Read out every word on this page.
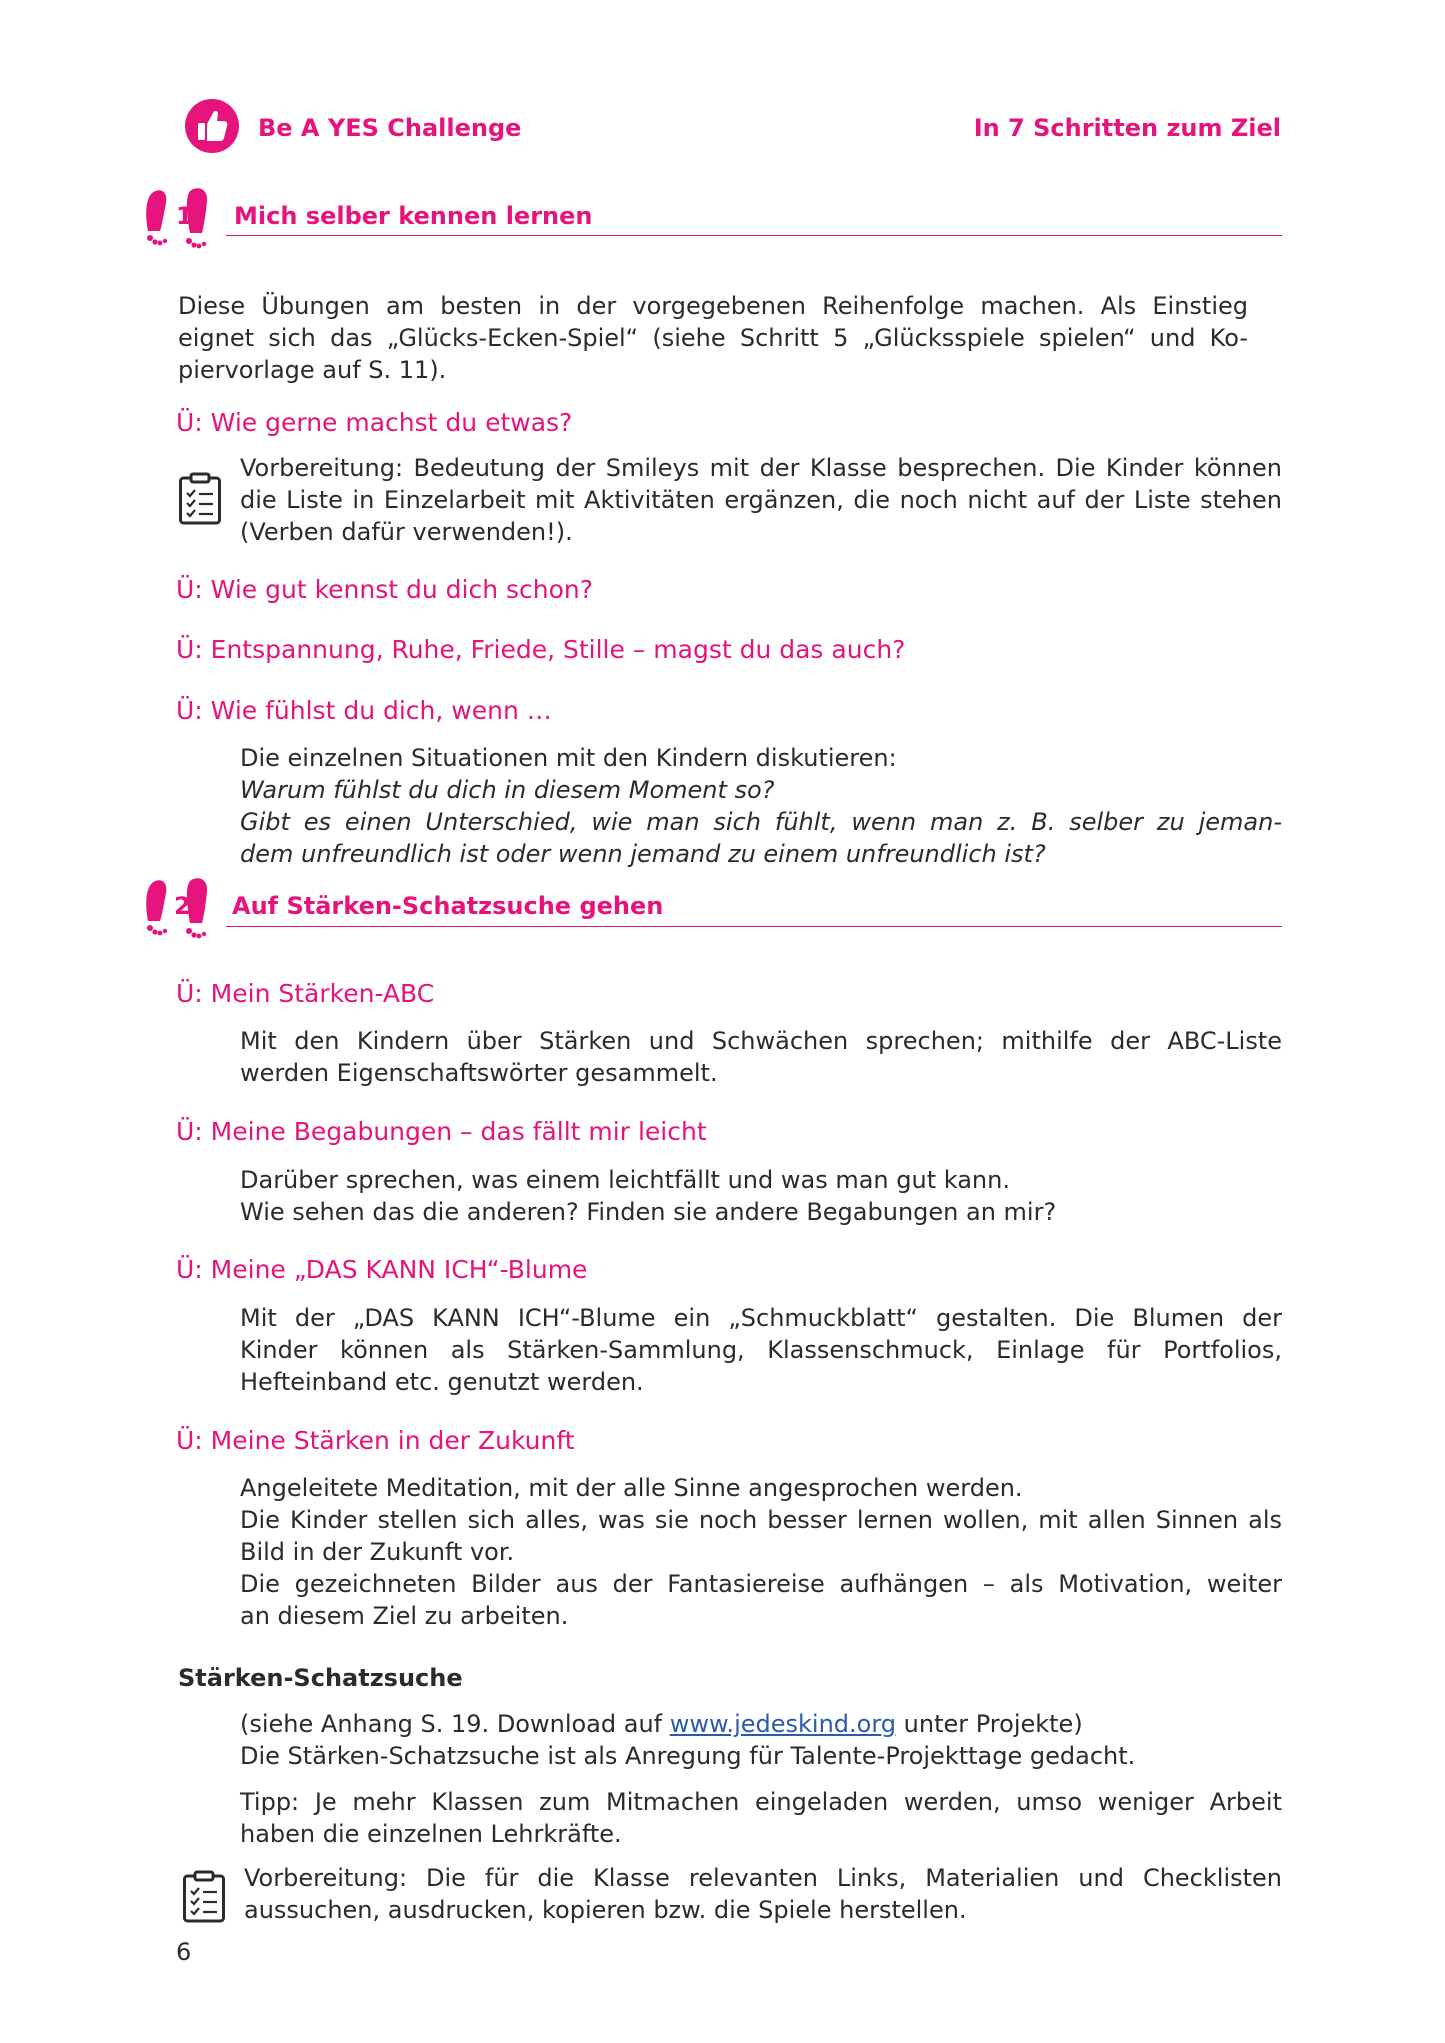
Be A YES Challenge	In 7 Schritten zum Ziel
1 Mich selber kennen lernen
Diese Übungen am besten in der vorgegebenen Reihenfolge machen. Als Einstieg
eignet sich das „Glücks-Ecken-Spiel“ (siehe Schritt 5 „Glücksspiele spielen“ und Ko-
piervorlage auf S. 11).
Ü: Wie gerne machst du etwas?
Vorbereitung: Bedeutung der Smileys mit der Klasse besprechen. Die Kinder können
die Liste in Einzelarbeit mit Aktivitäten ergänzen, die noch nicht auf der Liste stehen
(Verben dafür verwenden!).
Ü: Wie gut kennst du dich schon?
Ü: Entspannung, Ruhe, Friede, Stille – magst du das auch?
Ü: Wie fühlst du dich, wenn …
Die einzelnen Situationen mit den Kindern diskutieren:
Warum fühlst du dich in diesem Moment so?
Gibt es einen Unterschied, wie man sich fühlt, wenn man z. B. selber zu jeman-
dem unfreundlich ist oder wenn jemand zu einem unfreundlich ist?
2 Auf Stärken-Schatzsuche gehen
Ü: Mein Stärken-ABC
Mit den Kindern über Stärken und Schwächen sprechen; mithilfe der ABC-Liste
werden Eigenschaftswörter gesammelt.
Ü: Meine Begabungen – das fällt mir leicht
Darüber sprechen, was einem leichtfällt und was man gut kann.
Wie sehen das die anderen? Finden sie andere Begabungen an mir?
Ü: Meine „DAS KANN ICH“-Blume
Mit der „DAS KANN ICH“-Blume ein „Schmuckblatt“ gestalten. Die Blumen der
Kinder können als Stärken-Sammlung, Klassenschmuck, Einlage für Portfolios,
Hefteinband etc. genutzt werden.
Ü: Meine Stärken in der Zukunft
Angeleitete Meditation, mit der alle Sinne angesprochen werden.
Die Kinder stellen sich alles, was sie noch besser lernen wollen, mit allen Sinnen als
Bild in der Zukunft vor.
Die gezeichneten Bilder aus der Fantasiereise aufhängen – als Motivation, weiter
an diesem Ziel zu arbeiten.
Stärken-Schatzsuche
(siehe Anhang S. 19. Download auf www.jedeskind.org unter Projekte)
Die Stärken-Schatzsuche ist als Anregung für Talente-Projekttage gedacht.
Tipp: Je mehr Klassen zum Mitmachen eingeladen werden, umso weniger Arbeit
haben die einzelnen Lehrkräfte.
Vorbereitung: Die für die Klasse relevanten Links, Materialien und Checklisten
aussuchen, ausdrucken, kopieren bzw. die Spiele herstellen.
6
